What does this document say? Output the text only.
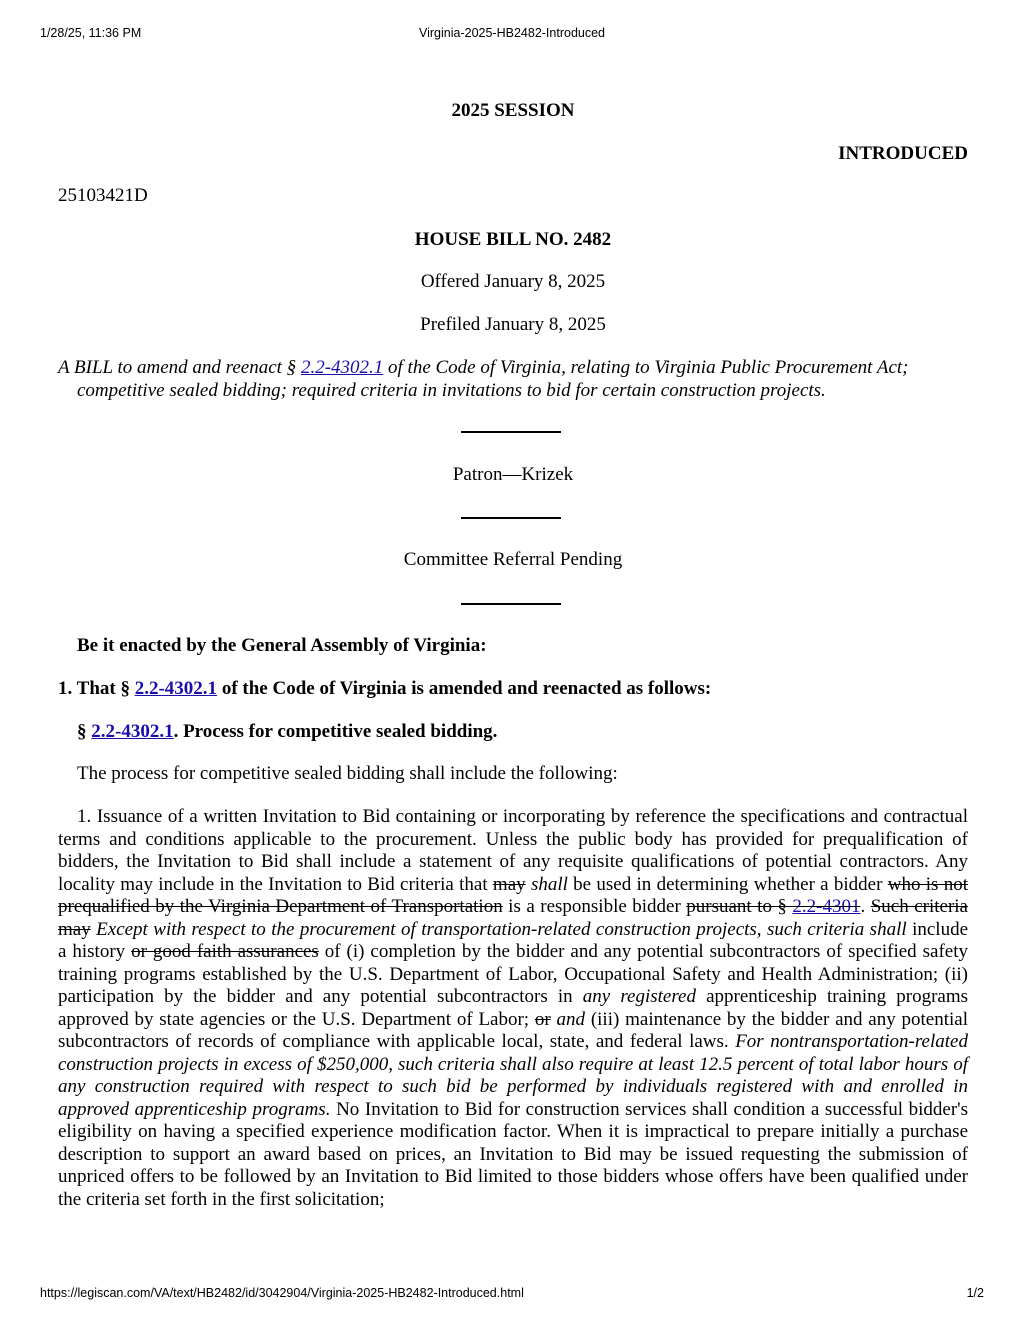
1/28/25, 11:36 PM	Virginia-2025-HB2482-Introduced

2025 SESSION

INTRODUCED

25103421D

HOUSE BILL NO. 2482

Offered January 8, 2025

Prefiled January 8, 2025

A BILL to amend and reenact § 2.2-4302.1 of the Code of Virginia, relating to Virginia Public Procurement Act; competitive sealed bidding; required criteria in invitations to bid for certain construction projects.

Patron—Krizek

Committee Referral Pending

Be it enacted by the General Assembly of Virginia:

1. That § 2.2-4302.1 of the Code of Virginia is amended and reenacted as follows:

§ 2.2-4302.1. Process for competitive sealed bidding.

The process for competitive sealed bidding shall include the following:

1. Issuance of a written Invitation to Bid containing or incorporating by reference the specifications and contractual terms and conditions applicable to the procurement. Unless the public body has provided for prequalification of bidders, the Invitation to Bid shall include a statement of any requisite qualifications of potential contractors. Any locality may include in the Invitation to Bid criteria that may shall be used in determining whether a bidder who is not prequalified by the Virginia Department of Transportation is a responsible bidder pursuant to § 2.2-4301. Such criteria may Except with respect to the procurement of transportation-related construction projects, such criteria shall include a history or good faith assurances of (i) completion by the bidder and any potential subcontractors of specified safety training programs established by the U.S. Department of Labor, Occupational Safety and Health Administration; (ii) participation by the bidder and any potential subcontractors in any registered apprenticeship training programs approved by state agencies or the U.S. Department of Labor; or and (iii) maintenance by the bidder and any potential subcontractors of records of compliance with applicable local, state, and federal laws. For nontransportation-related construction projects in excess of $250,000, such criteria shall also require at least 12.5 percent of total labor hours of any construction required with respect to such bid be performed by individuals registered with and enrolled in approved apprenticeship programs. No Invitation to Bid for construction services shall condition a successful bidder's eligibility on having a specified experience modification factor. When it is impractical to prepare initially a purchase description to support an award based on prices, an Invitation to Bid may be issued requesting the submission of unpriced offers to be followed by an Invitation to Bid limited to those bidders whose offers have been qualified under the criteria set forth in the first solicitation;

https://legiscan.com/VA/text/HB2482/id/3042904/Virginia-2025-HB2482-Introduced.html	1/2
